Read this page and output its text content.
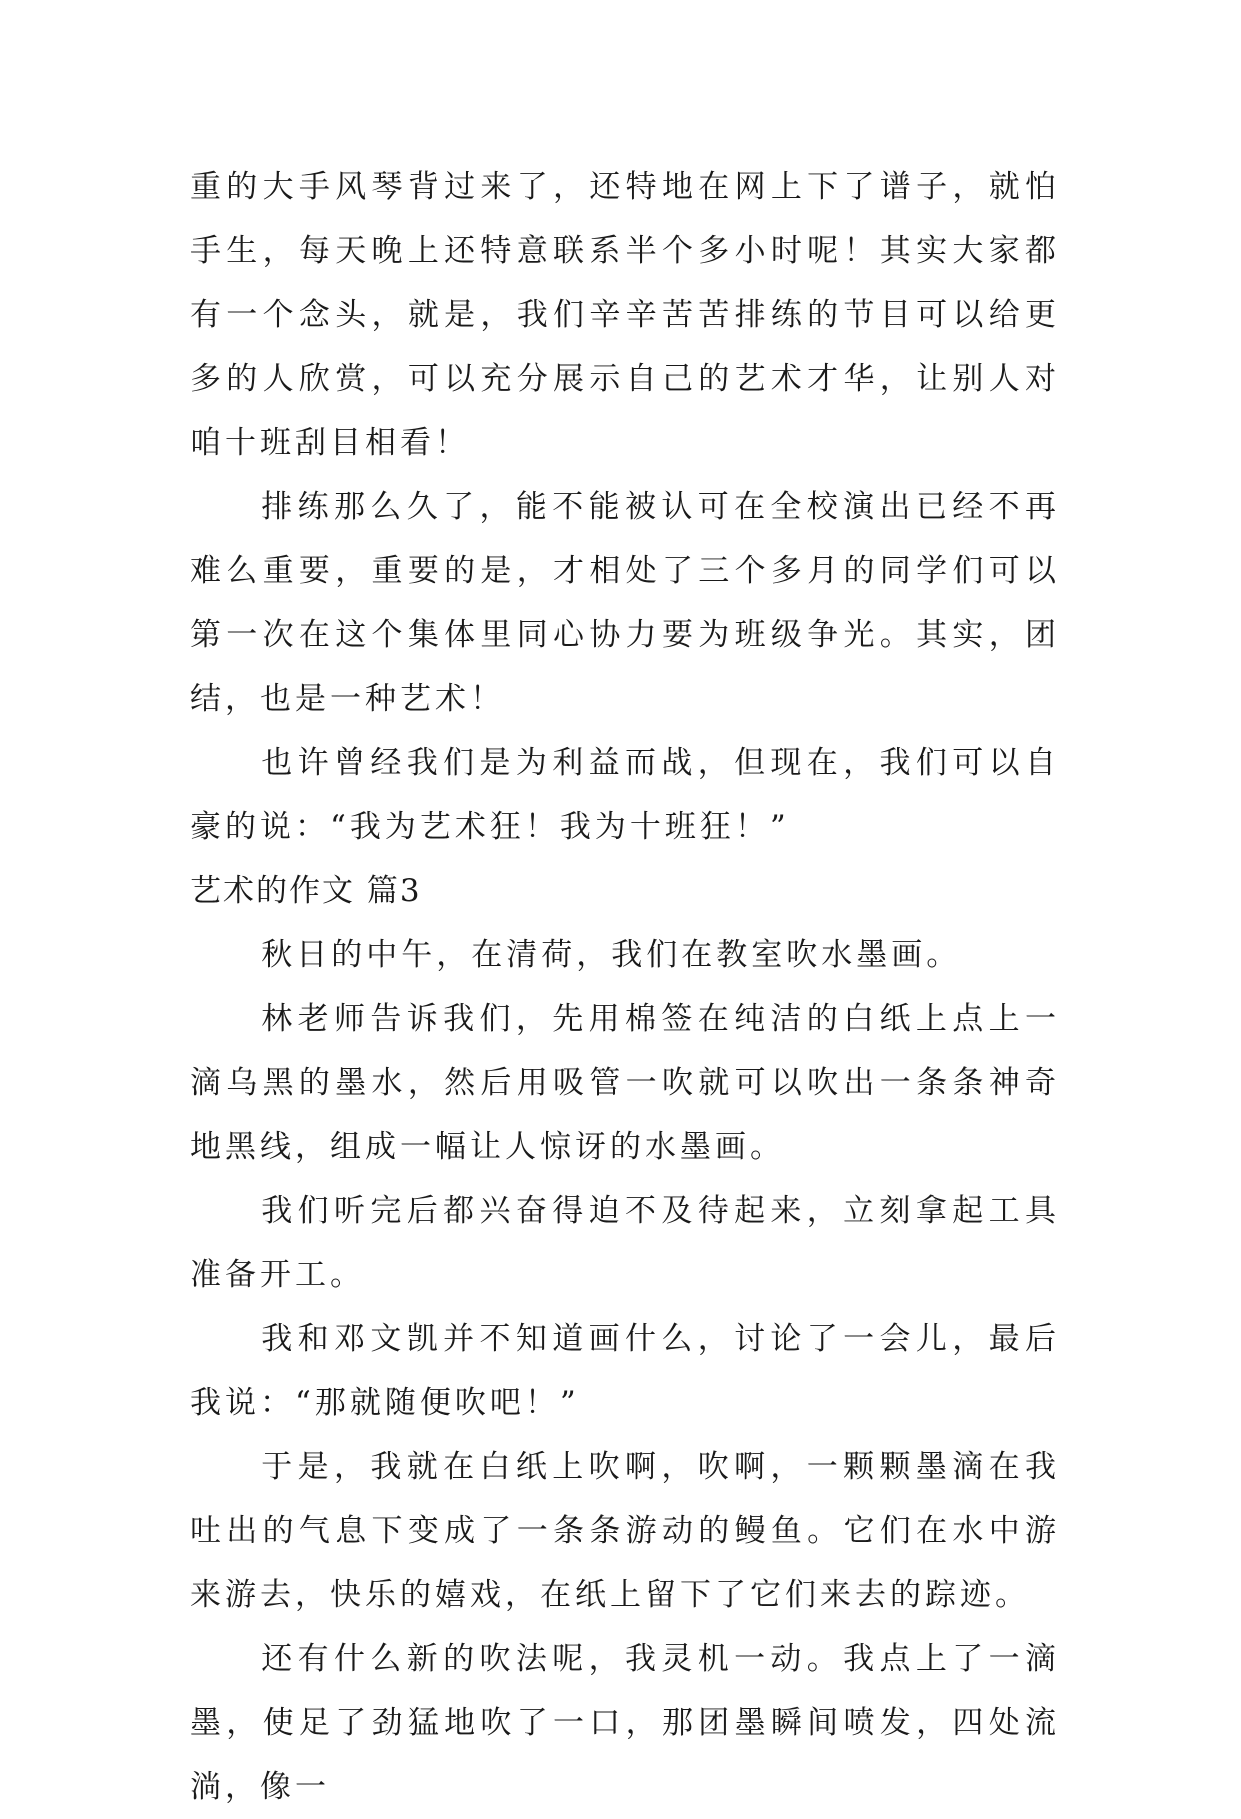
重的大手风琴背过来了，还特地在网上下了谱子，就怕手生，每天晚上还特意联系半个多小时呢！其实大家都有一个念头，就是，我们辛辛苦苦排练的节目可以给更多的人欣赏，可以充分展示自己的艺术才华，让别人对咱十班刮目相看！

排练那么久了，能不能被认可在全校演出已经不再难么重要，重要的是，才相处了三个多月的同学们可以第一次在这个集体里同心协力要为班级争光。其实，团结，也是一种艺术！

也许曾经我们是为利益而战，但现在，我们可以自豪的说：“我为艺术狂！我为十班狂！”

艺术的作文 篇3

秋日的中午，在清荷，我们在教室吹水墨画。

林老师告诉我们，先用棉签在纯洁的白纸上点上一滴乌黑的墨水，然后用吸管一吹就可以吹出一条条神奇地黑线，组成一幅让人惊讶的水墨画。

我们听完后都兴奋得迫不及待起来，立刻拿起工具准备开工。

我和邓文凯并不知道画什么，讨论了一会儿，最后我说：“那就随便吹吧！”

于是，我就在白纸上吹啊，吹啊，一颗颗墨滴在我吐出的气息下变成了一条条游动的鳗鱼。它们在水中游来游去，快乐的嬉戏，在纸上留下了它们来去的踪迹。

还有什么新的吹法呢，我灵机一动。我点上了一滴墨，使足了劲猛地吹了一口，那团墨瞬间喷发，四处流淌，像一
